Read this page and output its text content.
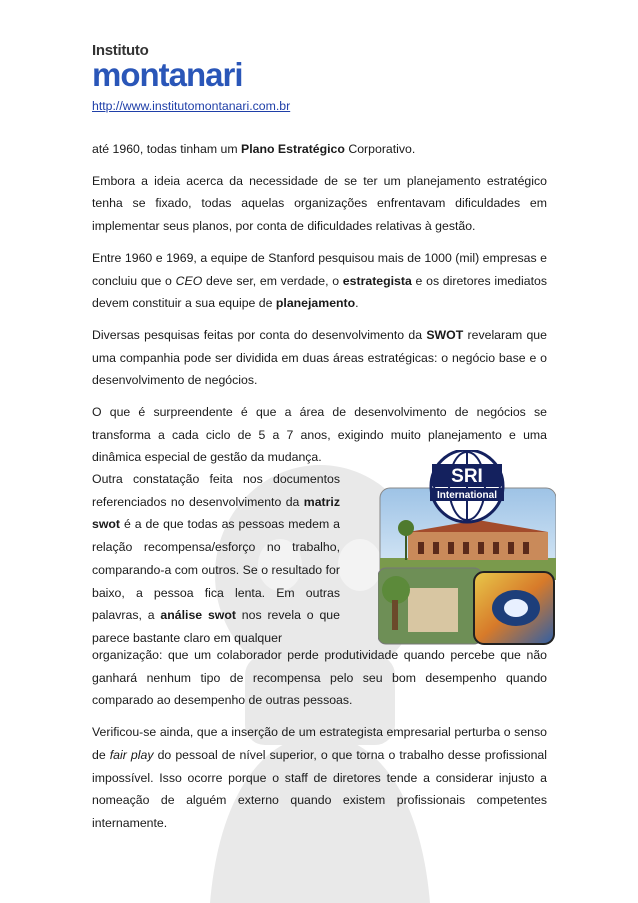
Instituto
montanari
http://www.institutomontanari.com.br

até 1960, todas tinham um Plano Estratégico Corporativo.

Embora a ideia acerca da necessidade de se ter um planejamento estratégico tenha se fixado, todas aquelas organizações enfrentavam dificuldades em implementar seus planos, por conta de dificuldades relativas à gestão.

Entre 1960 e 1969, a equipe de Stanford pesquisou mais de 1000 (mil) empresas e concluiu que o CEO deve ser, em verdade, o estrategista e os diretores imediatos devem constituir a sua equipe de planejamento.

Diversas pesquisas feitas por conta do desenvolvimento da SWOT revelaram que uma companhia pode ser dividida em duas áreas estratégicas: o negócio base e o desenvolvimento de negócios.

O que é surpreendente é que a área de desenvolvimento de negócios se transforma a cada ciclo de 5 a 7 anos, exigindo muito planejamento e uma dinâmica especial de gestão da mudança.

Outra constatação feita nos documentos referenciados no desenvolvimento da matriz swot é a de que todas as pessoas medem a relação recompensa/esforço no trabalho, comparando-a com outros. Se o resultado for baixo, a pessoa fica lenta. Em outras palavras, a análise swot nos revela o que parece bastante claro em qualquer
SRI
International

organização: que um colaborador perde produtividade quando percebe que não ganhará nenhum tipo de recompensa pelo seu bom desempenho quando comparado ao desempenho de outras pessoas.

Verificou-se ainda, que a inserção de um estrategista empresarial perturba o senso de fair play do pessoal de nível superior, o que torna o trabalho desse profissional impossível. Isso ocorre porque o staff de diretores tende a considerar injusto a nomeação de alguém externo quando existem profissionais competentes internamente.
